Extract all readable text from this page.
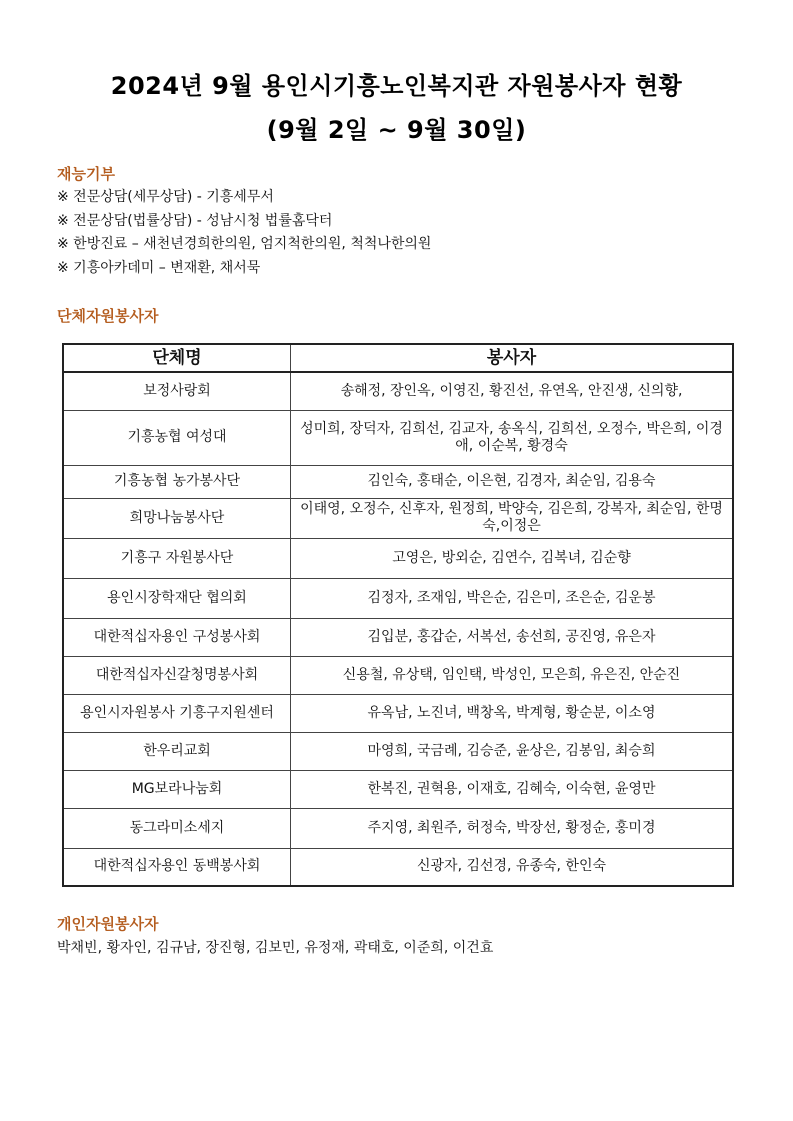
2024년 9월 용인시기흥노인복지관 자원봉사자 현황
(9월 2일 ~ 9월 30일)
재능기부
※ 전문상담(세무상담) - 기흥세무서
※ 전문상담(법률상담) - 성남시청 법률홈닥터
※ 한방진료 – 새천년경희한의원, 엄지척한의원, 척척나한의원
※ 기흥아카데미 – 변재환, 채서묵
단체자원봉사자
단체명	봉사자
보정사랑회	송해정, 장인옥, 이영진, 황진선, 유연옥, 안진생, 신의향,
기흥농협 여성대	성미희, 장덕자, 김희선, 김교자, 송옥식, 김희선, 오정수, 박은희, 이경애, 이순복, 황경숙
기흥농협 농가봉사단	김인숙, 홍태순, 이은현, 김경자, 최순임, 김용숙
희망나눔봉사단	이태영, 오정수, 신후자, 원정희, 박양숙, 김은희, 강복자, 최순임, 한명숙,이정은
기흥구 자원봉사단	고영은, 방외순, 김연수, 김복녀, 김순향
용인시장학재단 협의회	김정자, 조재임, 박은순, 김은미, 조은순, 김운봉
대한적십자용인 구성봉사회	김입분, 홍갑순, 서복선, 송선희, 공진영, 유은자
대한적십자신갈청명봉사회	신용철, 유상택, 임인택, 박성인, 모은희, 유은진, 안순진
용인시자원봉사 기흥구지원센터	유옥남, 노진녀, 백창옥, 박계형, 황순분, 이소영
한우리교회	마영희, 국금례, 김승준, 윤상은, 김봉임, 최승희
MG보라나눔회	한복진, 권혁용, 이재호, 김혜숙, 이숙현, 윤영만
동그라미소세지	주지영, 최원주, 허정숙, 박장선, 황정순, 홍미경
대한적십자용인 동백봉사회	신광자, 김선경, 유종숙, 한인숙
개인자원봉사자
박채빈, 황자인, 김규남, 장진형, 김보민, 유정재, 곽태호, 이준희, 이건효
